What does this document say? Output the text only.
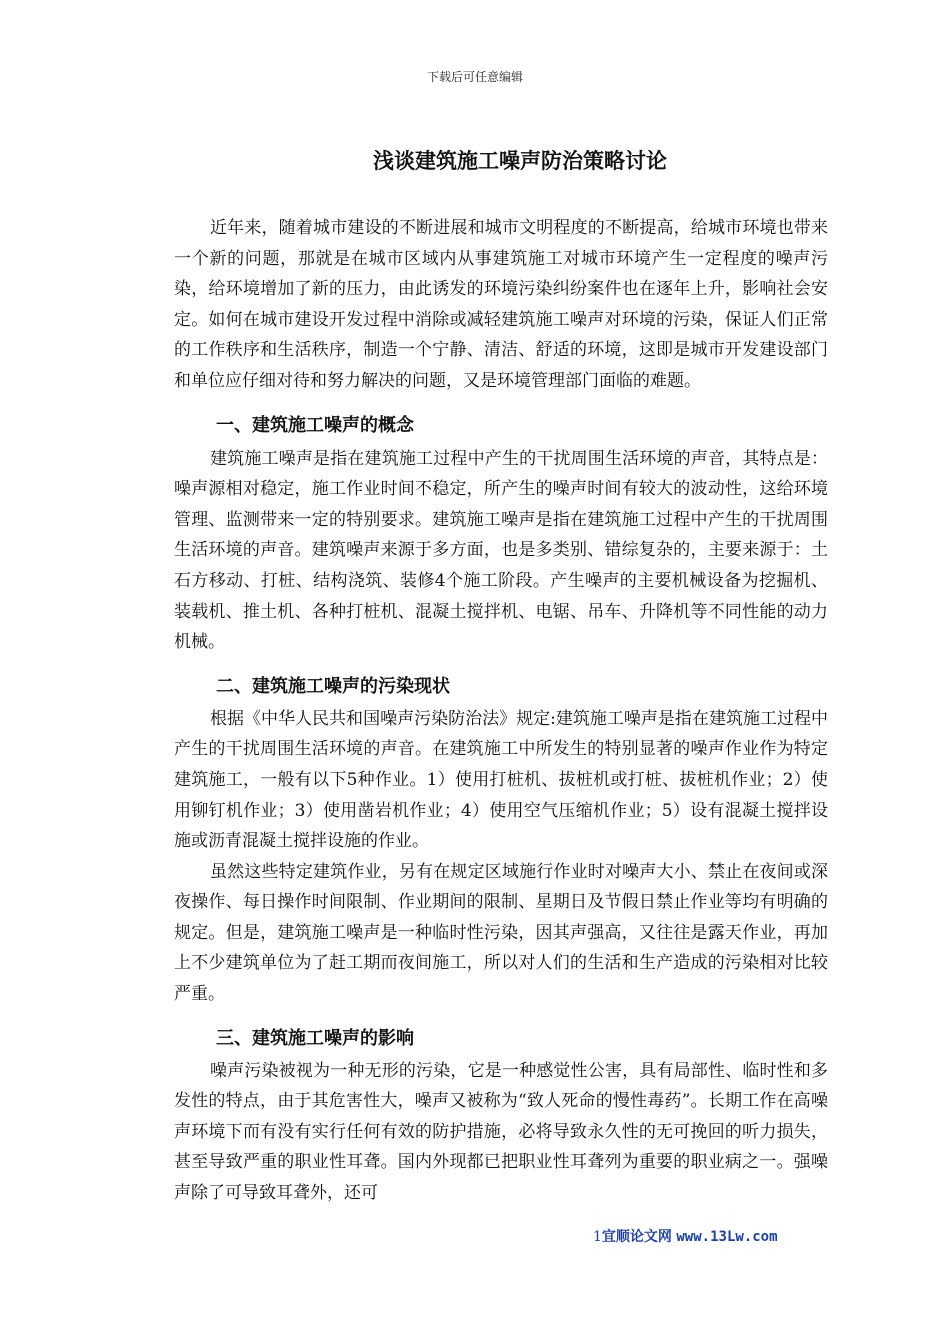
下载后可任意编辑
浅谈建筑施工噪声防治策略讨论

近年来，随着城市建设的不断进展和城市文明程度的不断提高，给城市环境也带来一个新的问题，那就是在城市区域内从事建筑施工对城市环境产生一定程度的噪声污染，给环境增加了新的压力，由此诱发的环境污染纠纷案件也在逐年上升，影响社会安定。如何在城市建设开发过程中消除或减轻建筑施工噪声对环境的污染，保证人们正常的工作秩序和生活秩序，制造一个宁静、清洁、舒适的环境，这即是城市开发建设部门和单位应仔细对待和努力解决的问题，又是环境管理部门面临的难题。

一、建筑施工噪声的概念

建筑施工噪声是指在建筑施工过程中产生的干扰周围生活环境的声音，其特点是：噪声源相对稳定，施工作业时间不稳定，所产生的噪声时间有较大的波动性，这给环境管理、监测带来一定的特别要求。建筑施工噪声是指在建筑施工过程中产生的干扰周围生活环境的声音。建筑噪声来源于多方面，也是多类别、错综复杂的，主要来源于：土石方移动、打桩、结构浇筑、装修4个施工阶段。产生噪声的主要机械设备为挖掘机、装载机、推土机、各种打桩机、混凝土搅拌机、电锯、吊车、升降机等不同性能的动力机械。

二、建筑施工噪声的污染现状

根据《中华人民共和国噪声污染防治法》规定:建筑施工噪声是指在建筑施工过程中产生的干扰周围生活环境的声音。在建筑施工中所发生的特别显著的噪声作业作为特定建筑施工，一般有以下5种作业。1）使用打桩机、拔桩机或打桩、拔桩机作业；2）使用铆钉机作业；3）使用凿岩机作业；4）使用空气压缩机作业；5）设有混凝土搅拌设施或沥青混凝土搅拌设施的作业。

虽然这些特定建筑作业，另有在规定区域施行作业时对噪声大小、禁止在夜间或深夜操作、每日操作时间限制、作业期间的限制、星期日及节假日禁止作业等均有明确的规定。但是，建筑施工噪声是一种临时性污染，因其声强高，又往往是露天作业，再加上不少建筑单位为了赶工期而夜间施工，所以对人们的生活和生产造成的污染相对比较严重。

三、建筑施工噪声的影响

噪声污染被视为一种无形的污染，它是一种感觉性公害，具有局部性、临时性和多发性的特点，由于其危害性大，噪声又被称为“致人死命的慢性毒药”。长期工作在高噪声环境下而有没有实行任何有效的防护措施，必将导致永久性的无可挽回的听力损失，甚至导致严重的职业性耳聋。国内外现都已把职业性耳聋列为重要的职业病之一。强噪声除了可导致耳聋外，还可

1宜顺论文网 www.13Lw.com
